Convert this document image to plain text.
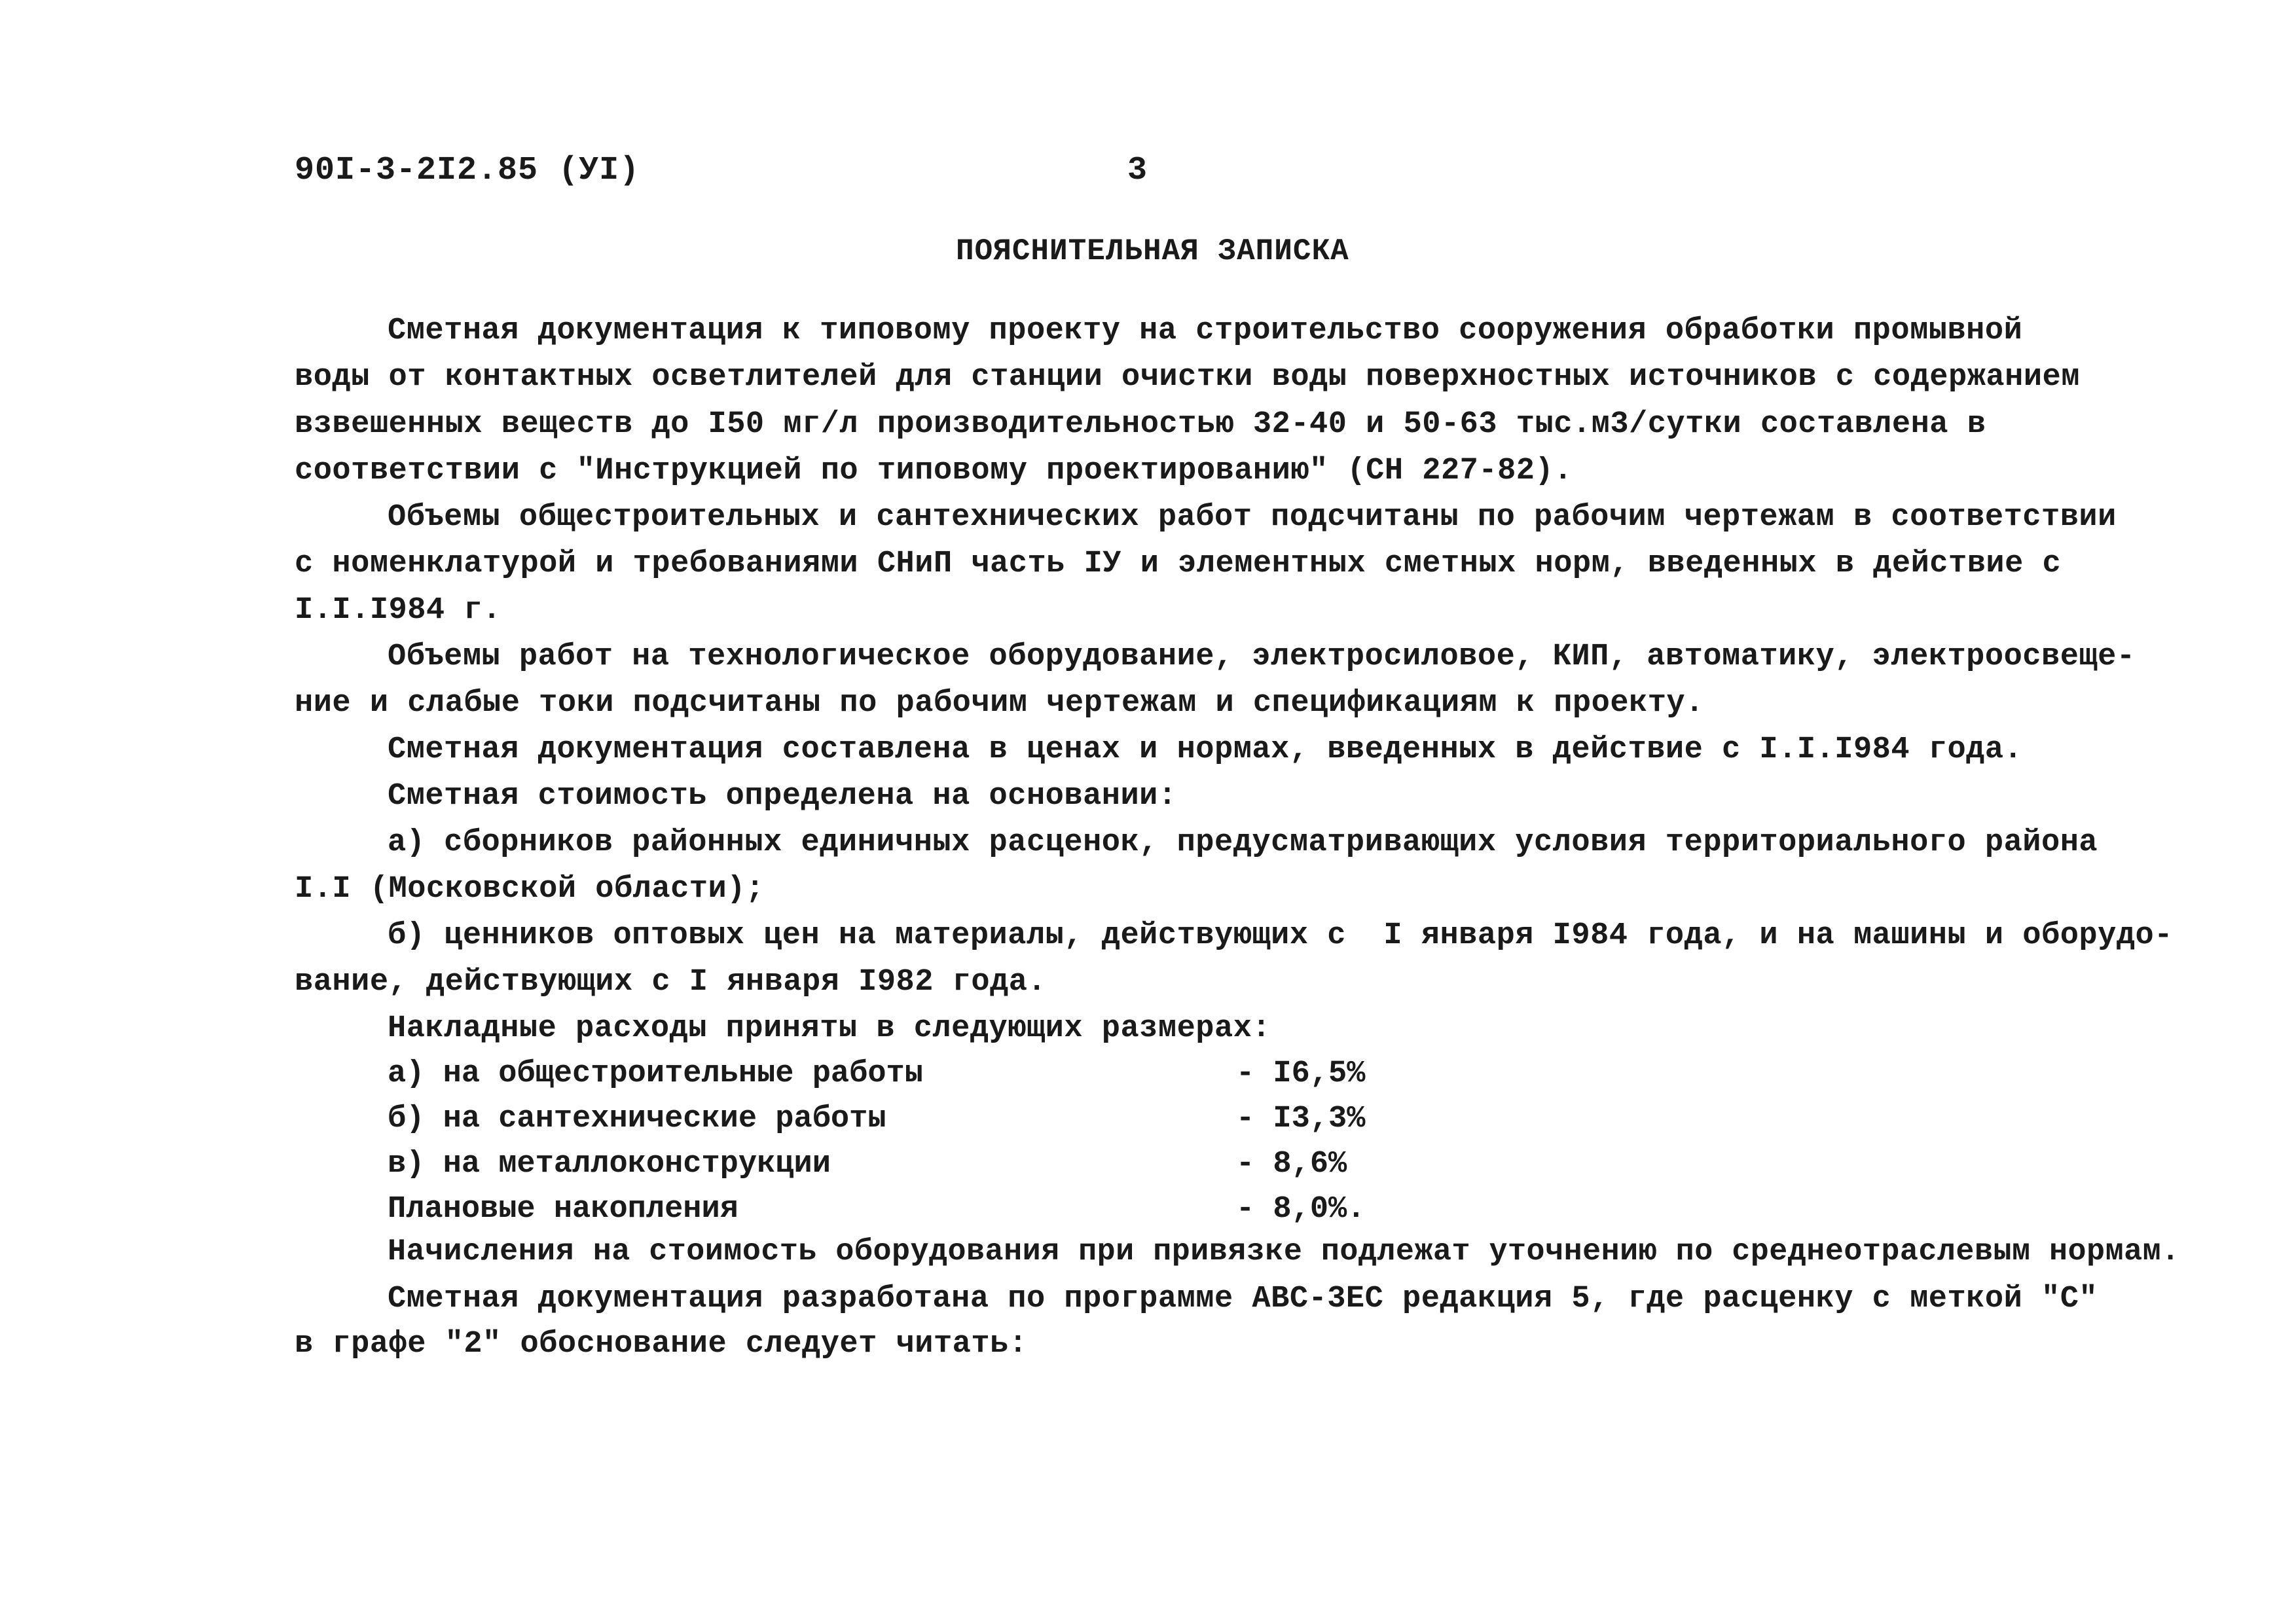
90I-3-2I2.85 (УI)	3
ПОЯСНИТЕЛЬНАЯ ЗАПИСКА
Сметная документация к типовому проекту на строительство сооружения обработки промывной
воды от контактных осветлителей для станции очистки воды поверхностных источников с содержанием
взвешенных веществ до I50 мг/л производительностью 32-40 и 50-63 тыс.м3/сутки составлена в
соответствии с "Инструкцией по типовому проектированию" (СН 227-82).
Объемы общестроительных и сантехнических работ подсчитаны по рабочим чертежам в соответствии
с номенклатурой и требованиями СНиП часть IУ и элементных сметных норм, введенных в действие с
I.I.I984 г.
Объемы работ на технологическое оборудование, электросиловое, КИП, автоматику, электроосвеще-
ние и слабые токи подсчитаны по рабочим чертежам и спецификациям к проекту.
Сметная документация составлена в ценах и нормах, введенных в действие с I.I.I984 года.
Сметная стоимость определена на основании:
а) сборников районных единичных расценок, предусматривающих условия территориального района
I.I (Московской области);
б) ценников оптовых цен на материалы, действующих с  I января I984 года, и на машины и оборудо-
вание, действующих с I января I982 года.
Накладные расходы приняты в следующих размерах:
а) на общестроительные работы	- I6,5%
б) на сантехнические работы	- I3,3%
в) на металлоконструкции	- 8,6%
Плановые накопления	- 8,0%.
Начисления на стоимость оборудования при привязке подлежат уточнению по среднеотраслевым нормам.
Сметная документация разработана по программе АВС-3ЕС редакция 5, где расценку с меткой "С"
в графе "2" обоснование следует читать:
